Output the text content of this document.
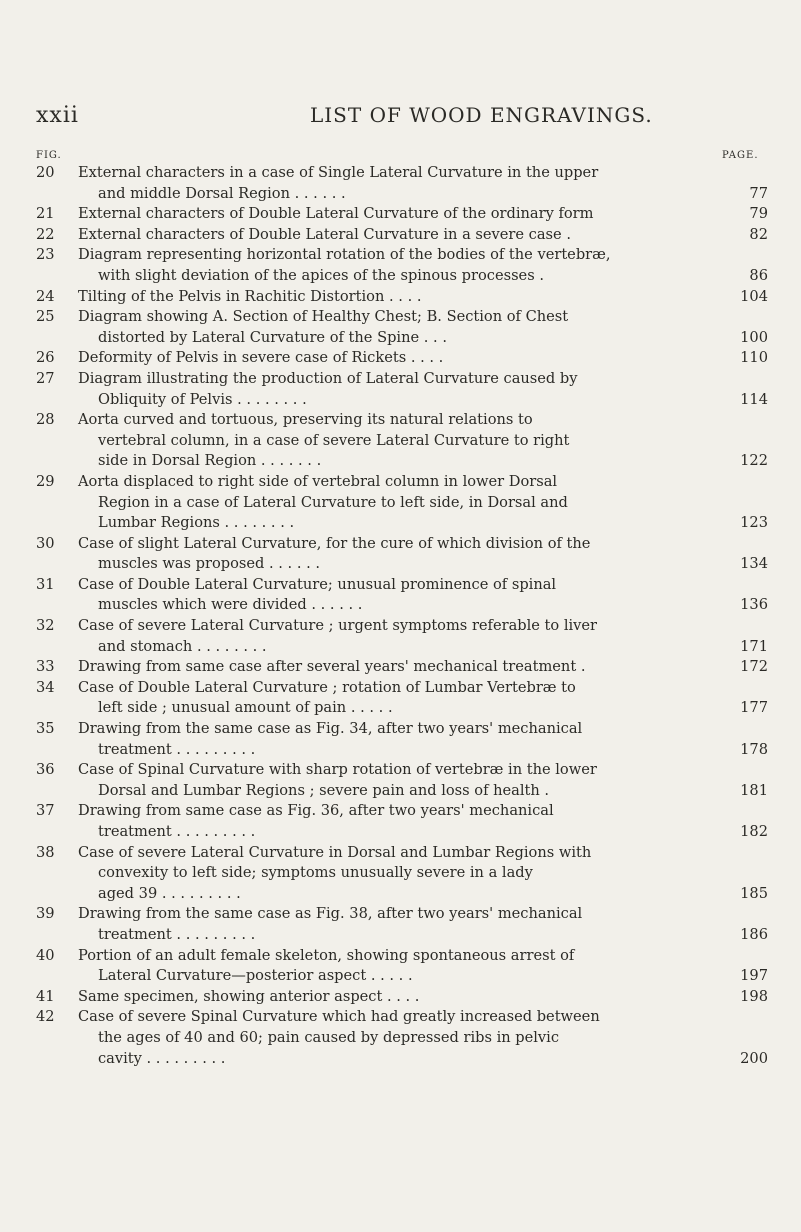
xxii	LIST OF WOOD ENGRAVINGS.
FIG.	PAGE.
20 External characters in a case of Single Lateral Curvature in the upper
and middle Dorsal Region . . . . . .	77
21 External characters of Double Lateral Curvature of the ordinary form	79
22 External characters of Double Lateral Curvature in a severe case .	82
23 Diagram representing horizontal rotation of the bodies of the vertebræ,
with slight deviation of the apices of the spinous processes .	86
24 Tilting of the Pelvis in Rachitic Distortion . . . .	104
25 Diagram showing A. Section of Healthy Chest; B. Section of Chest
distorted by Lateral Curvature of the Spine . . .	100
26 Deformity of Pelvis in severe case of Rickets . . . .	110
27 Diagram illustrating the production of Lateral Curvature caused by
Obliquity of Pelvis . . . . . . . .	114
28 Aorta curved and tortuous, preserving its natural relations to
vertebral column, in a case of severe Lateral Curvature to right
side in Dorsal Region . . . . . . .	122
29 Aorta displaced to right side of vertebral column in lower Dorsal
Region in a case of Lateral Curvature to left side, in Dorsal and
Lumbar Regions . . . . . . . .	123
30 Case of slight Lateral Curvature, for the cure of which division of the
muscles was proposed . . . . . .	134
31 Case of Double Lateral Curvature; unusual prominence of spinal
muscles which were divided . . . . . .	136
32 Case of severe Lateral Curvature ; urgent symptoms referable to liver
and stomach . . . . . . . .	171
33 Drawing from same case after several years' mechanical treatment .	172
34 Case of Double Lateral Curvature ; rotation of Lumbar Vertebræ to
left side ; unusual amount of pain . . . . .	177
35 Drawing from the same case as Fig. 34, after two years' mechanical
treatment . . . . . . . . .	178
36 Case of Spinal Curvature with sharp rotation of vertebræ in the lower
Dorsal and Lumbar Regions ; severe pain and loss of health .	181
37 Drawing from same case as Fig. 36, after two years' mechanical
treatment . . . . . . . . .	182
38 Case of severe Lateral Curvature in Dorsal and Lumbar Regions with
convexity to left side; symptoms unusually severe in a lady
aged 39 . . . . . . . . .	185
39 Drawing from the same case as Fig. 38, after two years' mechanical
treatment . . . . . . . . .	186
40 Portion of an adult female skeleton, showing spontaneous arrest of
Lateral Curvature—posterior aspect . . . . .	197
41 Same specimen, showing anterior aspect . . . .	198
42 Case of severe Spinal Curvature which had greatly increased between
the ages of 40 and 60; pain caused by depressed ribs in pelvic
cavity . . . . . . . . .	200
